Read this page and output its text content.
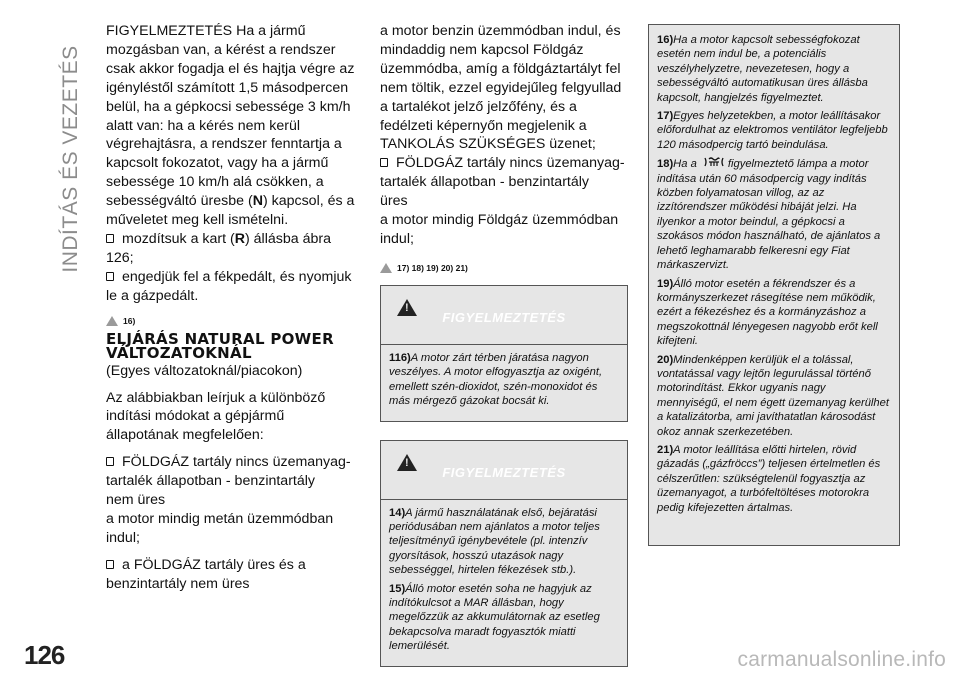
INDÍTÁS ÉS VEZETÉS

FIGYELMEZTETÉS Ha a jármű mozgásban van, a kérést a rendszer csak akkor fogadja el és hajtja végre az igényléstől számított 1,5 másodpercen belül, ha a gépkocsi sebessége 3 km/h alatt van: ha a kérés nem kerül végrehajtásra, a rendszer fenntartja a kapcsolt fokozatot, vagy ha a jármű sebessége 10 km/h alá csökken, a sebességváltó üresbe (N) kapcsol, és a műveletet meg kell ismételni.

mozdítsuk a kart (R) állásba ábra 126;

engedjük fel a fékpedált, és nyomjuk le a gázpedált.

16)
ELJÁRÁS NATURAL POWER VÁLTOZATOKNÁL

(Egyes változatoknál/piacokon)

Az alábbiakban leírjuk a különböző indítási módokat a gépjármű állapotának megfelelően:

FÖLDGÁZ tartály nincs üzemanyag-tartalék állapotban - benzintartály

nem üres

a motor mindig metán üzemmódban indul;

a FÖLDGÁZ tartály üres és a benzintartály nem üres

a motor benzin üzemmódban indul, és mindaddig nem kapcsol Földgáz üzemmódba, amíg a földgáztartályt fel nem töltik, ezzel egyidejűleg felgyullad a tartalékot jelző jelzőfény, és a fedélzeti képernyőn megjelenik a TANKOLÁS SZÜKSÉGES üzenet;

FÖLDGÁZ tartály nincs üzemanyag-tartalék állapotban - benzintartály

üres

a motor mindig Földgáz üzemmódban indul;

17) 18) 19) 20) 21)
!
FIGYELMEZTETÉS

116)A motor zárt térben járatása nagyon veszélyes. A motor elfogyasztja az oxigént, emellett szén-dioxidot, szén-monoxidot és más mérgező gázokat bocsát ki.

!
FIGYELMEZTETÉS

14)A jármű használatának első, bejáratási periódusában nem ajánlatos a motor teljes teljesítményű igénybevétele (pl. intenzív gyorsítások, hosszú utazások nagy sebességgel, hirtelen fékezések stb.).

15)Álló motor esetén soha ne hagyjuk az indítókulcsot a MAR állásban, hogy megelőzzük az akkumulátornak az esetleg bekapcsolva maradt fogyasztók miatti lemerülését.

16)Ha a motor kapcsolt sebességfokozat esetén nem indul be, a potenciális veszélyhelyzetre, nevezetesen, hogy a sebességváltó automatikusan üres állásba kapcsolt, hangjelzés figyelmeztet.

17)Egyes helyzetekben, a motor leállításakor előfordulhat az elektromos ventilátor legfeljebb 120 másodpercig tartó beindulása.

18)Ha a	figyelmeztető lámpa a motor indítása után 60 másodpercig vagy indítás közben folyamatosan villog, az az izzítórendszer működési hibáját jelzi. Ha ilyenkor a motor beindul, a gépkocsi a szokásos módon használható, de ajánlatos a lehető leghamarabb felkeresni egy Fiat márkaszervizt.

19)Álló motor esetén a fékrendszer és a kormányszerkezet rásegítése nem működik, ezért a fékezéshez és a kormányzáshoz a megszokottnál lényegesen nagyobb erőt kell kifejteni.

20)Mindenképpen kerüljük el a tolással, vontatással vagy lejtőn legurulással történő motorindítást. Ekkor ugyanis nagy mennyiségű, el nem égett üzemanyag kerülhet a katalizátorba, ami javíthatatlan károsodást okoz annak szerkezetében.

21)A motor leállítása előtti hirtelen, rövid gázadás („gázfröccs”) teljesen értelmetlen és célszerűtlen: szükségtelenül fogyasztja az üzemanyagot, a turbófeltöltéses motorokra pedig kifejezetten ártalmas.

126	carmanualsonline.info
